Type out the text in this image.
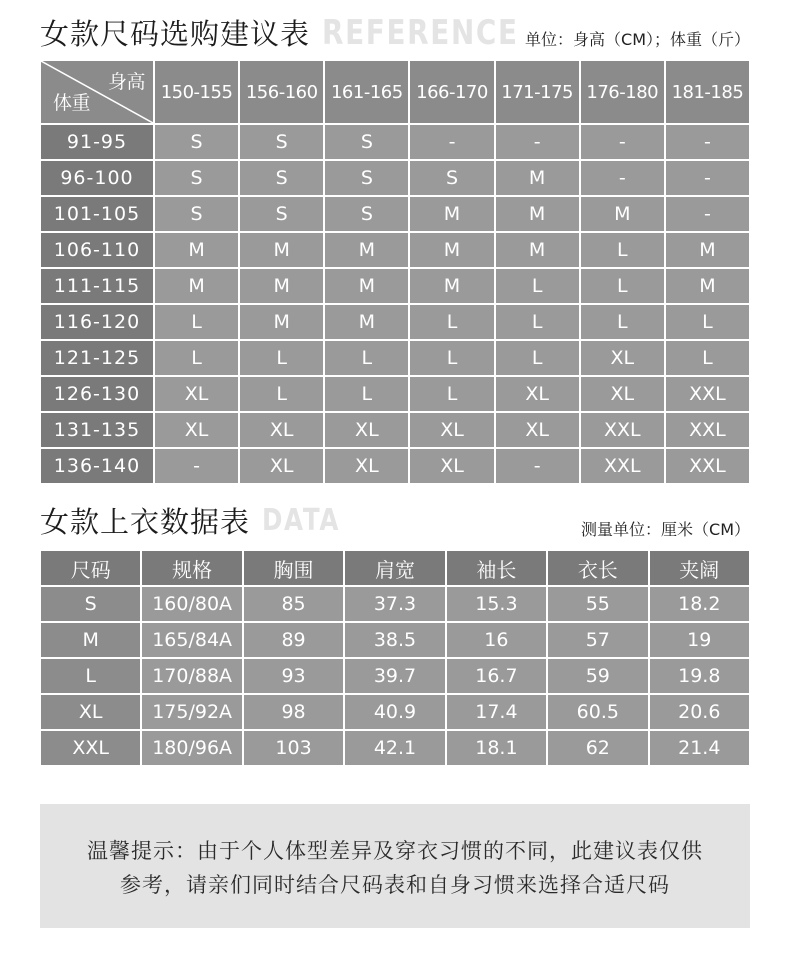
女款尺码选购建议表 REFERENCE 单位：身高（CM）；体重（斤）
身高
体重	150-155	156-160	161-165	166-170	171-175	176-180	181-185
91-95	S	S	S	-	-	-	-
96-100	S	S	S	S	M	-	-
101-105	S	S	S	M	M	M	-
106-110	M	M	M	M	M	L	M
111-115	M	M	M	M	L	L	M
116-120	L	M	M	L	L	L	L
121-125	L	L	L	L	L	XL	L
126-130	XL	L	L	L	XL	XL	XXL
131-135	XL	XL	XL	XL	XL	XXL	XXL
136-140	-	XL	XL	XL	-	XXL	XXL
女款上衣数据表 DATA	测量单位：厘米（CM）
尺码	规格	胸围	肩宽	袖长	衣长	夹阔
S	160/80A	85	37.3	15.3	55	18.2
M	165/84A	89	38.5	16	57	19
L	170/88A	93	39.7	16.7	59	19.8
XL	175/92A	98	40.9	17.4	60.5	20.6
XXL	180/96A	103	42.1	18.1	62	21.4
温馨提示：由于个人体型差异及穿衣习惯的不同，此建议表仅供
参考，请亲们同时结合尺码表和自身习惯来选择合适尺码
